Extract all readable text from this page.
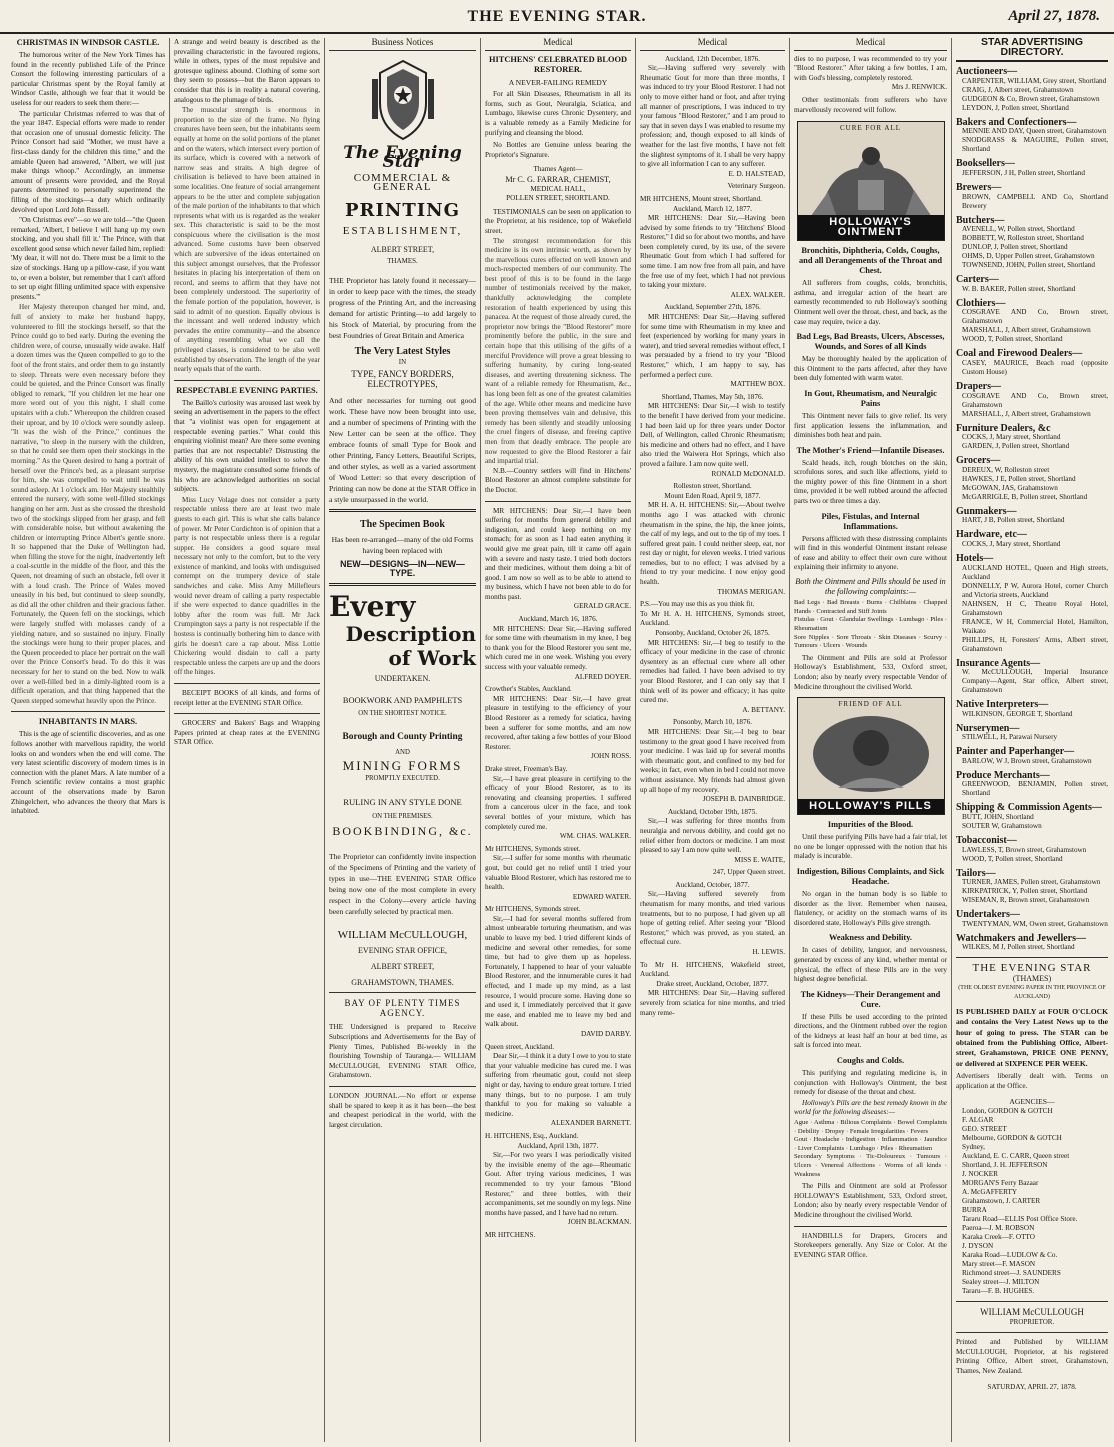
THE EVENING STAR.	April 27, 1878.
CHRISTMAS IN WINDSOR CASTLE.

The humorous writer of the New York Times has found in the recently published Life of the Prince Consort the following interesting particulars of a particular Christmas spent by the Royal family at Windsor Castle, although we fear that it would be useless for our readers to seek them there:—

The particular Christmas referred to was that of the year 1847. Especial efforts were made to render that occasion one of unusual domestic felicity. The Prince Consort had said "Mother, we must have a first-class dandy for the children this time," and the amiable Queen had answered, "Albert, we will just make things whoop." Accordingly, an immense amount of presents were provided, and the Royal parents determined to personally superintend the filling of the stockings—a duty which ordinarily devolved upon Lord John Russell.

"On Christmas eve"—so we are told—"the Queen remarked, 'Albert, I believe I will hang up my own stocking, and you shall fill it.' The Prince, with that excellent good sense which never failed him, replied: 'My dear, it will not do. There must be a limit to the size of stockings. Hang up a pillow-case, if you want to, or even a bolster, but remember that I can't afford to set up eight filling unlimited space with expensive presents.'"

Her Majesty thereupon changed her mind, and, full of anxiety to make her husband happy, volunteered to fill the stockings herself, so that the Prince could go to bed early. During the evening the children were, of course, unusually wide awake. Half a dozen times was the Queen compelled to go to the foot of the front stairs, and order them to go instantly to sleep. Threats were even necessary before they could be quieted, and the Prince Consort was finally obliged to remark, "If you children let me hear one more word out of you this night, I shall come upstairs with a club." Whereupon the children ceased their uproar, and by 10 o'clock were soundly asleep. "It was the wish of the Prince," continues the narrative, "to sleep in the nursery with the children, so that he could see them open their stockings in the morning." As the Queen desired to hang a portrait of herself over the Prince's bed, as a pleasant surprise for him, she was compelled to wait until he was sound asleep. At 1 o'clock am. Her Majesty stealthily entered the nursery, with some well-filled stockings hanging on her arm. Just as she crossed the threshold two of the stockings slipped from her grasp, and fell with considerable noise, but without awakening the children or interrupting Prince Albert's gentle snore. It so happened that the Duke of Wellington had, when filling the stove for the night, inadvertently left a coal-scuttle in the middle of the floor, and this the Queen, not dreaming of such an obstacle, fell over it with a loud crash. The Prince of Wales moved uneasily in his bed, but continued to sleep soundly, as did all the other children and their gracious father. Fortunately, the Queen fell on the stockings, which were largely stuffed with molasses candy of a yielding nature, and so sustained no injury. Finally the stockings were hung to their proper places, and the Queen proceeded to place her portrait on the wall over the Prince Consort's head. To do this it was necessary for her to stand on the bed. Now to walk over a well-filled bed in a dimly-lighted room is a difficult operation, and that thing happened that the Queen stepped somewhat heavily upon the Prince.

INHABITANTS IN MARS.

This is the age of scientific discoveries, and as one follows another with marvellous rapidity, the world looks on and wonders when the end will come. The very latest scientific discovery of modern times is in connection with the planet Mars. A late number of a French scientific review contains a most graphic account of the observations made by Baron Zhingelchert, who advances the theory that Mars is inhabited.

A strange and weird beauty is described as the prevailing characteristic in the favoured regions, while in others, types of the most repulsive and grotesque ugliness abound. Clothing of some sort they seem to possess—but the Baron appears to consider that this is in reality a natural covering, analogous to the plumage of birds.

The muscular strength is enormous in proportion to the size of the frame. No flying creatures have been seen, but the inhabitants seem equally at home on the solid portions of the planet and on the waters, which intersect every portion of its surface, which is covered with a network of narrow seas and straits. A high degree of civilisation is believed to have been attained in some localities. One feature of social arrangement appears to be the utter and complete subjugation of the male portion of the inhabitants to that which represents what with us is regarded as the weaker sex. This characteristic is said to be the most conspicuous where the civilisation is the most advanced. Some customs have been observed which are subversive of the ideas entertained on this subject amongst ourselves, that the Professor hesitates in placing his interpretation of them on record, and seems to affirm that they have not been completely understood. The superiority of the female portion of the population, however, is said to admit of no question. Equally obvious is the incessant and well ordered industry which pervades the entire community—and the absence of anything resembling what we call the privileged classes, is considered to be also well established by observation. The length of the year nearly equals that of the earth.

RESPECTABLE EVENING PARTIES.

The Baillo's curiosity was aroused last week by seeing an advertisement in the papers to the effect that "a violinist was open for engagement at respectable evening parties." What could this enquiring violinist mean? Are there some evening parties that are not respectable? Distrusting the ability of his own unaided intellect to solve the mystery, the magistrate consulted some friends of his who are acknowledged authorities on social subjects.

Miss Lucy Volage does not consider a party respectable unless there are at least two male guests to each girl. This is what she calls balance of power. Mr Peter Cordichton is of opinion that a party is not respectable unless there is a regular supper. He considers a good square meal necessary not only to the comfort, but to the very existence of mankind, and looks with undisguised contempt on the trumpery device of stale sandwiches and cake. Miss Amy Millefleurs would never dream of calling a party respectable if she were expected to dance quadrilles in the lobby after the room was full. Mr Jack Crumpington says a party is not respectable if the hostess is continually bothering him to dance with girls he doesn't care a rap about. Miss Lottie Chickering would disdain to call a party respectable unless the carpets are up and the doors off the hinges.

BECEIPT BOOKS of all kinds, and forms of receipt letter at the EVENING STAR Office.

GROCERS' and Bakers' Bags and Wrapping Papers printed at cheap rates at the EVENING STAR Office.

Business Notices
The Evening Star
COMMERCIAL & GENERAL
PRINTING
ESTABLISHMENT,
ALBERT STREET,
THAMES.

THE Proprietor has lately found it necessary—in order to keep pace with the times, the steady progress of the Printing Art, and the increasing demand for artistic Printing—to add largely to his Stock of Material, by procuring from the best Foundries of Great Britain and America

The Very Latest Styles
IN
TYPE, FANCY BORDERS, ELECTROTYPES,

And other necessaries for turning out good work. These have now been brought into use, and a number of specimens of Printing with the New Letter can be seen at the office. They embrace founts of small Type for Book and other Printing, Fancy Letters, Beautiful Scripts, and other styles, as well as a varied assortment of Wood Letter: so that every description of Printing can now be done at the STAR Office in a style unsurpassed in the world.

The Specimen Book

Has been re-arranged—many of the old Forms having been replaced with

NEW—DESIGNS—IN—NEW—TYPE.
Every
Description
of Work
UNDERTAKEN.
BOOKWORK AND PAMPHLETS
ON THE SHORTEST NOTICE.
Borough and County Printing
AND
MINING FORMS
PROMPTLY EXECUTED.
RULING IN ANY STYLE DONE
ON THE PREMISES.
BOOKBINDING, &c.

The Proprietor can confidently invite inspection of the Specimens of Printing and the variety of types in use—THE EVENING STAR Office being now one of the most complete in every respect in the Colony—every article having been carefully selected by practical men.

WILLIAM McCULLOUGH,
EVENING STAR OFFICE,
ALBERT STREET,
GRAHAMSTOWN, THAMES.
BAY OF PLENTY TIMES AGENCY.

THE Undersigned is prepared to Receive Subscriptions and Advertisements for the Bay of Plenty Times, Published Bi-weekly in the flourishing Township of Tauranga.— WILLIAM McCULLOUGH, EVENING STAR Office, Grahamstown.

LONDON JOURNAL.—No effort or expense shall be spared to keep it as it has been—the best and cheapest periodical in the world, with the largest circulation.

Medical
HITCHENS' CELEBRATED BLOOD RESTORER.
A NEVER-FAILING REMEDY

For all Skin Diseases, Rheumatism in all its forms, such as Gout, Neuralgia, Sciatica, and Lumbago, likewise cures Chronic Dysentery, and is a valuable remedy as a Family Medicine for purifying and cleansing the blood.

No Bottles are Genuine unless bearing the Proprietor's Signature.

Thames Agent—
Mr C. G. FARRAR, CHEMIST,
MEDICAL HALL,
POLLEN STREET, SHORTLAND.

TESTIMONIALS can be seen on application to the Proprietor, at his residence, top of Wakefield street.

The strongest recommendation for this medicine is its own intrinsic worth, as shown by the marvellous cures effected on well known and much-respected members of our community. The best proof of this is to be found in the large number of testimonials received by the maker, thankfully acknowledging the complete restoration of health experienced by using this panacea. At the request of those already cured, the proprietor now brings the "Blood Restorer" more prominently before the public, in the sure and certain hope that this utilising of the gifts of a merciful Providence will prove a great blessing to suffering humanity, by curing long-seated diseases, and averting threatening sickness. The want of a reliable remedy for Rheumatism, &c., has long been felt as one of the greatest calamities of the age. While other means and medicine have been proving themselves vain and delusive, this remedy has been silently and steadily unloosing the cruel fingers of disease, and freeing captive men from that deadly embrace. The people are now requested to give the Blood Restorer a fair and impartial trial.

N.B.—Country settlers will find in Hitchens' Blood Restorer an almost complete substitute for the Doctor.

MR HITCHENS: Dear Sir,—I have been suffering for months from general debility and indigestion, and could keep nothing on my stomach; for as soon as I had eaten anything it would give me great pain, till it came off again with a severe and nasty taste. I tried both doctors and their medicines, without them doing a bit of good. I am now so well as to be able to attend to my business, which I have not been able to do for months past.

GERALD GRACE.
Auckland, March 16, 1876.

MR HITCHENS: Dear Sir,—Having suffered for some time with rheumatism in my knee, I beg to thank you for the Blood Restorer you sent me, which cured me in one week. Wishing you every success with your valuable remedy.

ALFRED DOYER.
Crowther's Stables, Auckland.

MR HITCHENS: Dear Sir,—I have great pleasure in testifying to the efficiency of your Blood Restorer as a remedy for sciatica, having been a sufferer for some months, and am now recovered, after taking a few bottles of your Blood Restorer.

JOHN ROSS.
Drake street, Freeman's Bay.

Sir,—I have great pleasure in certifying to the efficacy of your Blood Restorer, as to its renovating and cleansing properties. I suffered from a cancerous ulcer in the face, and took several bottles of your mixture, which has completely cured me.

WM. CHAS. WALKER.
Mr HITCHENS, Symonds street.

Sir,—I suffer for some months with rheumatic gout, but could get no relief until I tried your valuable Blood Restorer, which has restored me to health.

EDWARD WATER.
Mr HITCHENS, Symonds street.

Sir,—I had for several months suffered from almost unbearable torturing rheumatism, and was unable to leave my bed. I tried different kinds of medicine and several other remedies, for some time, but had to give them up as hopeless. Fortunately, I happened to hear of your valuable Blood Restorer, and the innumerable cures it had effected, and I made up my mind, as a last resource, I would procure some. Having done so and used it, I immediately perceived that it gave me ease, and enabled me to leave my bed and walk about.

DAVID DARBY.
Queen street, Auckland.

Dear Sir,—I think it a duty I owe to you to state that your valuable medicine has cured me. I was suffering from rheumatic gout, could not sleep night or day, having to endure great torture. I tried many things, but to no purpose. I am truly thankful to you for making so valuable a medicine.

ALEXANDER BARNETT.
H. HITCHENS, Esq., Auckland.
Auckland, April 13th, 1877.

Sir,—For two years I was periodically visited by the invisible enemy of the age—Rheumatic Gout. After trying various medicines, I was recommended to try your famous "Blood Restorer," and three bottles, with their accompaniments, set me soundly on my legs. Nine months have passed, and I have had no return.

JOHN BLACKMAN.
MR HITCHENS.
Medical
Auckland, 12th December, 1876.

Sir,—Having suffered very severely with Rheumatic Gout for more than three months, I was induced to try your Blood Restorer. I had not only to move either hand or foot, and after trying all manner of prescriptions, I was induced to try your famous "Blood Restorer," and I am proud to say that in seven days I was enabled to resume my profession; and, though exposed to all kinds of weather for the last five months, I have not felt the slightest symptoms of it. I shall be very happy to give all information I can to any sufferer.

E. D. HALSTEAD,
Veterinary Surgeon.
MR HITCHENS, Mount street, Shortland.
Auckland, March 12, 1877.

MR HITCHENS: Dear Sir,—Having been advised by some friends to try "Hitchens' Blood Restorer," I did so for about two months, and have been completely cured, by its use, of the severe Rheumatic Gout from which I had suffered for some time. I am now free from all pain, and have the free use of my feet, which I had not previous to taking your mixture.

ALEX. WALKER.
Auckland, September 27th, 1876.

MR HITCHENS: Dear Sir,—Having suffered for some time with Rheumatism in my knee and feet (experienced by working for many years in water), and tried several remedies without effect, I was persuaded by a friend to try your "Blood Restorer," which, I am happy to say, has performed a perfect cure.

MATTHEW BOX.
Shortland, Thames, May 5th, 1876.

MR HITCHENS: Dear Sir,—I wish to testify to the benefit I have derived from your medicine. I had been laid up for three years under Doctor Dell, of Wellington, called Chronic Rheumatism; his medicine and others had no effect, and I have also tried the Waiwera Hot Springs, which also proved a failure. I am now quite well.

RONALD McDONALD.
Rolleston street, Shortland.
Mount Eden Road, April 9, 1877.

MR H. A. H. HITCHENS: Sir,—About twelve months ago I was attacked with chronic rheumatism in the spine, the hip, the knee joints, the calf of my legs, and out to the tip of my toes. I suffered great pain. I could neither sleep, eat, nor rest day or night, for eleven weeks. I tried various remedies, but to no effect; I was advised by a friend to try your medicine. I now enjoy good health.

THOMAS MERIGAN.
P.S.—You may use this as you think fit.
To Mr H. A. H. HITCHENS, Symonds street, Auckland.
Ponsonby, Auckland, October 26, 1875.

MR HITCHENS: Sir,—I beg to testify to the efficacy of your medicine in the case of chronic dysentery as an effectual cure where all other remedies had failed. I have been advised to try your Blood Restorer, and I can only say that I think well of its power and efficacy; it has quite cured me.

A. BETTANY.
Ponsonby, March 10, 1876.

MR HITCHENS: Dear Sir,—I beg to bear testimony to the great good I have received from your medicine. I was laid up for several months with rheumatic gout, and confined to my bed for weeks; in fact, even when in bed I could not move without assistance. My friends had almost given up all hope of my recovery.

JOSEPH B. DAINBRIDGE.
Auckland, October 19th, 1875.

Sir,—I was suffering for three months from neuralgia and nervous debility, and could get no relief either from doctors or medicine. I am most pleased to say I am now quite well.

MISS E. WAITE,
247, Upper Queen street.
Auckland, October, 1877.

Sir,—Having suffered severely from rheumatism for many months, and tried various treatments, but to no purpose, I had given up all hope of getting relief. After seeing your "Blood Restorer," which was proved, as you stated, an effectual cure.

H. LEWIS.
To Mr H. HITCHENS, Wakefield street, Auckland.
Drake street, Auckland, October, 1877.

MR HITCHENS: Dear Sir,—Having suffered severely from sciatica for nine months, and tried many reme-

Medical

dies to no purpose, I was recommended to try your "Blood Restorer." After taking a few bottles, I am, with God's blessing, completely restored.

Mrs J. RENWICK.

Other testimonials from sufferers who have marvellously recovered will follow.

CURE FOR ALL
HOLLOWAY'S OINTMENT
Bronchitis, Diphtheria, Colds, Coughs, and all Derangements of the Throat and Chest.

All sufferers from coughs, colds, bronchitis, asthma, and irregular action of the heart are earnestly recommended to rub Holloway's soothing Ointment well over the throat, chest, and back, as the case may require, twice a day.

Bad Legs, Bad Breasts, Ulcers, Abscesses, Wounds, and Sores of all Kinds

May be thoroughly healed by the application of this Ointment to the parts affected, after they have been duly fomented with warm water.

In Gout, Rheumatism, and Neuralgic Pains

This Ointment never fails to give relief. Its very first application lessens the inflammation, and diminishes both heat and pain.

The Mother's Friend—Infantile Diseases.

Scald heads, itch, rough blotches on the skin, scrofulous sores, and such like affections, yield to the mighty power of this fine Ointment in a short time, provided it be well rubbed around the affected parts two or three times a day.

Piles, Fistulas, and Internal Inflammations.

Persons afflicted with these distressing complaints will find in this wonderful Ointment instant release of ease and ability to effect their own cure without explaining their infirmity to anyone.

Both the Ointment and Pills should be used in the following complaints:—

Bad Legs · Bad Breasts · Burns · Chilblains · Chapped Hands · Contracted and Stiff Joints

Fistulas · Gout · Glandular Swellings · Lumbago · Piles · Rheumatism

Sore Nipples · Sore Throats · Skin Diseases · Scurvy · Tumours · Ulcers · Wounds

The Ointment and Pills are sold at Professor Holloway's Establishment, 533, Oxford street, London; also by nearly every respectable Vendor of Medicine throughout the civilised World.

FRIEND OF ALL
HOLLOWAY'S PILLS
Impurities of the Blood.

Until these purifying Pills have had a fair trial, let no one be longer oppressed with the notion that his malady is incurable.

Indigestion, Bilious Complaints, and Sick Headache.

No organ in the human body is so liable to disorder as the liver. Remember when nausea, flatulency, or acidity on the stomach warns of its disordered state, Holloway's Pills give strength.

Weakness and Debility.

In cases of debility, languor, and nervousness, generated by excess of any kind, whether mental or physical, the effect of these Pills are in the very highest degree beneficial.

The Kidneys—Their Derangement and Cure.

If these Pills be used according to the printed directions, and the Ointment rubbed over the region of the kidneys at least half an hour at bed time, as salt is forced into meat.

Coughs and Colds.

This purifying and regulating medicine is, in conjunction with Holloway's Ointment, the best remedy for disease of the throat and chest.

Holloway's Pills are the best remedy known in the world for the following diseases:—

Ague · Asthma · Bilious Complaints · Bowel Complaints · Debility · Dropsy · Female Irregularities · Fevers

Gout · Headache · Indigestion · Inflammation · Jaundice · Liver Complaints · Lumbago · Piles · Rheumatism

Secondary Symptoms · Tic-Doloureux · Tumours · Ulcers · Venereal Affections · Worms of all kinds · Weakness

The Pills and Ointment are sold at Professor HOLLOWAY'S Establishment, 533, Oxford street, London; also by nearly every respectable Vendor of Medicine throughout the civilised World.

HANDBILLS for Drapers, Grocers and Storekeepers generally. Any Size or Color. At the EVENING STAR Office.

STAR ADVERTISING DIRECTORY.
Auctioneers—
CARPENTER, WILLIAM, Grey street, Shortland
CRAIG, J, Albert street, Grahamstown
GUDGEON & Co, Brown street, Grahamstown
LEYDON, J, Pollen street, Shortland
Bakers and Confectioners—
MENNIE AND DAY, Queen street, Grahamstown
SNODGRASS & MAGUIRE, Pollen street, Shortland
Booksellers—
JEFFERSON, J H, Pollen street, Shortland
Brewers—
BROWN, CAMPBELL AND Co, Shortland Brewery
Butchers—
AVENELL, W, Pollen street, Shortland
BOBBETT, W, Rolleston street, Shortland
DUNLOP, J, Pollen street, Shortland
OHMS, D, Upper Pollen street, Grahamstown
TOWNSEND, JOHN, Pollen street, Shortland
Carters—
W. B. BAKER, Pollen street, Shortland
Clothiers—
COSGRAVE AND Co, Brown street, Grahamstown
MARSHALL, J, Albert street, Grahamstown
WOOD, T, Pollen street, Shortland
Coal and Firewood Dealers—
CASEY, MAURICE, Beach road (opposite Custom House)
Drapers—
COSGRAVE AND Co, Brown street, Grahamstown
MARSHALL, J, Albert street, Grahamstown
Furniture Dealers, &c
COCKS, J, Mary street, Shortland
GARDEN, J, Pollen street, Shortland
Grocers—
DEREUX, W, Rolleston street
HAWKES, J E, Pollen street, Shortland
McGOWAN, JAS, Grahamstown
McGARRIGLE, B, Pollen street, Shortland
Gunmakers—
HART, J B, Pollen street, Shortland
Hardware, etc—
COCKS, J, Mary street, Shortland
Hotels—
AUCKLAND HOTEL, Queen and High streets, Auckland
DONNELLY, P W, Aurora Hotel, corner Church and Victoria streets, Auckland
NAHNSEN, H C, Theatre Royal Hotel, Grahamstown
FRANCE, W H, Commercial Hotel, Hamilton, Waikato
PHILLIPS, H, Foresters' Arms, Albert street, Grahamstown
Insurance Agents—
W. McCULLOUGH, Imperial Insurance Company—Agent, Star office, Albert street, Grahamstown
Native Interpreters—
WILKINSON, GEORGE T, Shortland
Nurserymen—
STILWELL, H, Parawai Nursery
Painter and Paperhanger—
BARLOW, W J, Brown street, Grahamstown
Produce Merchants—
GREENWOOD, BENJAMIN, Pollen street, Shortland
Shipping & Commission Agents—
BUTT, JOHN, Shortland
SOUTER W, Grahamstown
Tobacconist—
LAWLESS, T, Brown street, Grahamstown
WOOD, T, Pollen street, Shortland
Tailors—
TURNER, JAMES, Pollen street, Grahamstown
KIRKPATRICK, Y, Pollen street, Shortland
WISEMAN, R, Brown street, Grahamstown
Undertakers—
TWENTYMAN, WM, Owen street, Grahamstown
Watchmakers and Jewellers—
WILKES, M J, Pollen street, Shortland
THE EVENING STAR
(THAMES)
(THE OLDEST EVENING PAPER IN THE PROVINCE OF AUCKLAND)

IS PUBLISHED DAILY at FOUR O'CLOCK and contains the Very Latest News up to the hour of going to press. The STAR can be obtained from the Publishing Office, Albert-street, Grahamstown, PRICE ONE PENNY, or delivered at SIXPENCE PER WEEK.

Advertisers liberally dealt with. Terms on application at the Office.

AGENCIES—
London, GORDON & GOTCH
F. ALGAR
GEO. STREET
Melbourne, GORDON & GOTCH
Sydney,
Auckland, E. C. CARR, Queen street
Shortland, J. H. JEFFERSON
J. NOCKER
MORGAN'S Ferry Bazaar
A. McGAFFERTY
Grahamstown, J. CARTER
BURRA
Tararu Road—ELLIS Post Office Store.
Paeroa—J. M. ROBSON
Karaka Creek—F. OTTO
J. DYSON
Karaka Road—LUDLOW & Co.
Mary street—F. MASON
Richmond street—J. SAUNDERS
Sealey street—J. MILTON
Tararu—F. B. HUGHES.
WILLIAM McCULLOUGH
PROPRIETOR.

Printed and Published by WILLIAM McCULLOUGH, Proprietor, at his registered Printing Office, Albert street, Grahamstown, Thames, New Zealand.

SATURDAY, APRIL 27, 1878.
